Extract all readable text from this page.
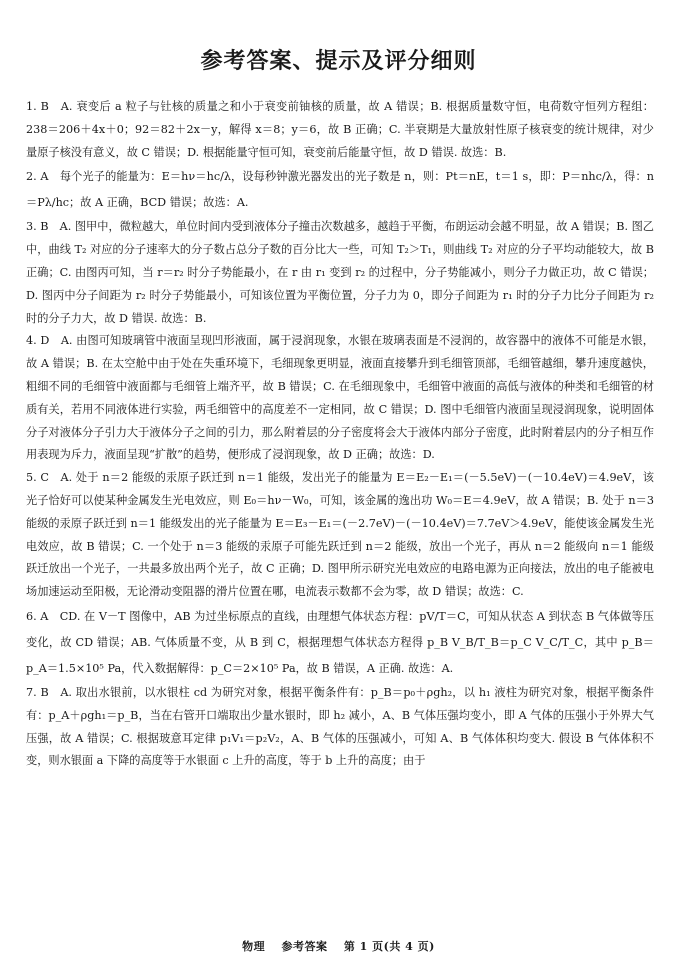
参考答案、提示及评分细则

1. B　A. 衰变后 a 粒子与钍核的质量之和小于衰变前铀核的质量，故 A 错误；B. 根据质量数守恒，电荷数守恒列方程组：238＝206＋4x＋0；92＝82＋2x－y，解得 x＝8；y＝6，故 B 正确；C. 半衰期是大量放射性原子核衰变的统计规律，对少量原子核没有意义，故 C 错误；D. 根据能量守恒可知，衰变前后能量守恒，故 D 错误. 故选：B.

2. A　每个光子的能量为：E＝hν＝hc/λ，设每秒钟激光器发出的光子数是 n，则：Pt＝nE，t＝1 s，即：P＝nhc/λ，得：n＝Pλ/hc；故 A 正确，BCD 错误；故选：A.

3. B　A. 图甲中，微粒越大，单位时间内受到液体分子撞击次数越多，越趋于平衡，布朗运动会越不明显，故 A 错误；B. 图乙中，曲线 T₂ 对应的分子速率大的分子数占总分子数的百分比大一些，可知 T₂＞T₁，则曲线 T₂ 对应的分子平均动能较大，故 B 正确；C. 由图丙可知，当 r＝r₂ 时分子势能最小，在 r 由 r₁ 变到 r₂ 的过程中，分子势能减小，则分子力做正功，故 C 错误；D. 图丙中分子间距为 r₂ 时分子势能最小，可知该位置为平衡位置，分子力为 0，即分子间距为 r₁ 时的分子力比分子间距为 r₂ 时的分子力大，故 D 错误. 故选：B.

4. D　A. 由图可知玻璃管中液面呈现凹形液面，属于浸润现象，水银在玻璃表面是不浸润的，故容器中的液体不可能是水银，故 A 错误；B. 在太空舱中由于处在失重环境下，毛细现象更明显，液面直接攀升到毛细管顶部，毛细管越细，攀升速度越快，粗细不同的毛细管中液面都与毛细管上端齐平，故 B 错误；C. 在毛细现象中，毛细管中液面的高低与液体的种类和毛细管的材质有关，若用不同液体进行实验，两毛细管中的高度差不一定相同，故 C 错误；D. 图中毛细管内液面呈现浸润现象，说明固体分子对液体分子引力大于液体分子之间的引力，那么附着层的分子密度将会大于液体内部分子密度，此时附着层内的分子相互作用表现为斥力，液面呈现“扩散”的趋势，便形成了浸润现象，故 D 正确；故选：D.

5. C　A. 处于 n＝2 能级的汞原子跃迁到 n＝1 能级，发出光子的能量为 E＝E₂－E₁＝(－5.5eV)－(－10.4eV)＝4.9eV，该光子恰好可以使某种金属发生光电效应，则 E₀＝hν－W₀，可知，该金属的逸出功 W₀＝E＝4.9eV，故 A 错误；B. 处于 n＝3 能级的汞原子跃迁到 n＝1 能级发出的光子能量为 E＝E₃－E₁＝(－2.7eV)－(－10.4eV)＝7.7eV＞4.9eV，能使该金属发生光电效应，故 B 错误；C. 一个处于 n＝3 能级的汞原子可能先跃迁到 n＝2 能级，放出一个光子，再从 n＝2 能级向 n＝1 能级跃迁放出一个光子，一共最多放出两个光子，故 C 正确；D. 图甲所示研究光电效应的电路电源为正向接法，放出的电子能被电场加速运动至阳极，无论滑动变阻器的滑片位置在哪，电流表示数都不会为零，故 D 错误；故选：C.

6. A　CD. 在 V－T 图像中，AB 为过坐标原点的直线，由理想气体状态方程：pV/T＝C，可知从状态 A 到状态 B 气体做等压变化，故 CD 错误；AB. 气体质量不变，从 B 到 C，根据理想气体状态方程得 p_B V_B/T_B＝p_C V_C/T_C，其中 p_B＝p_A＝1.5×10⁵ Pa，代入数据解得：p_C＝2×10⁵ Pa，故 B 错误，A 正确. 故选：A.

7. B　A. 取出水银前，以水银柱 cd 为研究对象，根据平衡条件有：p_B＝p₀＋ρgh₂，以 h₁ 液柱为研究对象，根据平衡条件有：p_A＋ρgh₁＝p_B，当在右管开口端取出少量水银时，即 h₂ 减小，A、B 气体压强均变小，即 A 气体的压强小于外界大气压强，故 A 错误；C. 根据玻意耳定律 p₁V₁＝p₂V₂，A、B 气体的压强减小，可知 A、B 气体体积均变大. 假设 B 气体体积不变，则水银面 a 下降的高度等于水银面 c 上升的高度，等于 b 上升的高度；由于

物理 参考答案 第 1 页(共 4 页)
